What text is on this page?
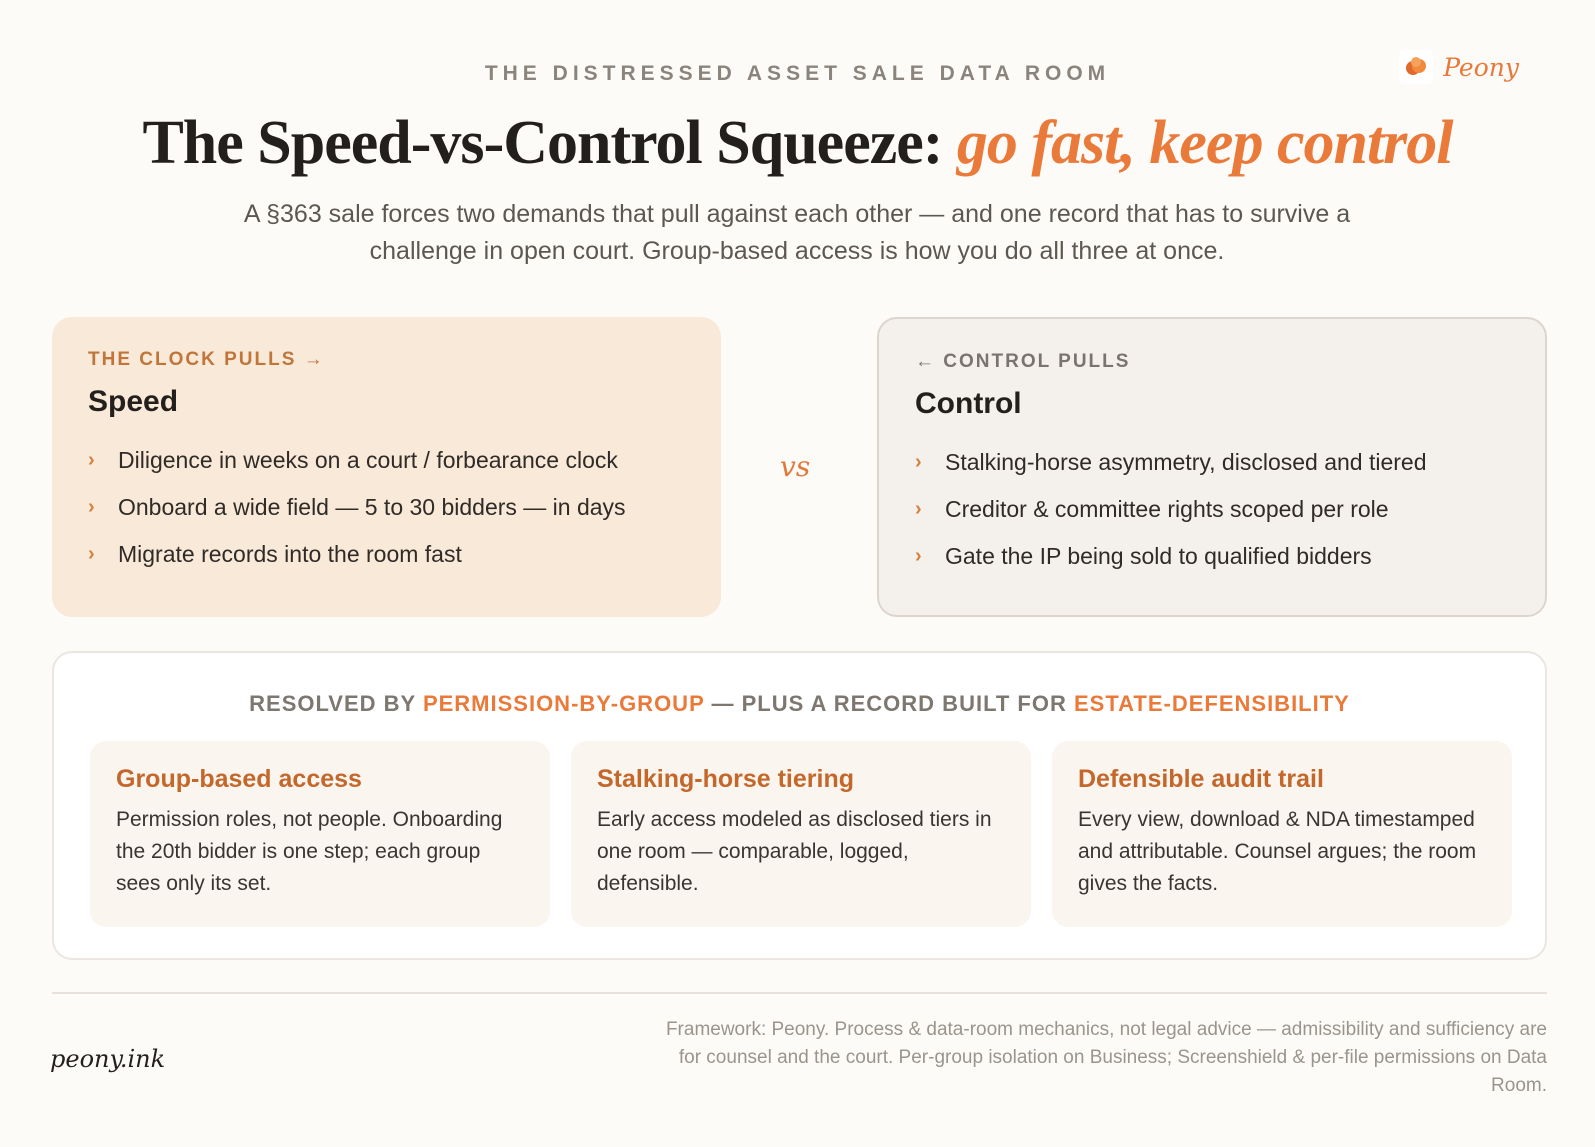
Peony
THE DISTRESSED ASSET SALE DATA ROOM
The Speed-vs-Control Squeeze: go fast, keep control

A §363 sale forces two demands that pull against each other — and one record that has to survive a challenge in open court. Group-based access is how you do all three at once.

THE CLOCK PULLS →
Speed
›	Diligence in weeks on a court / forbearance clock
›	Onboard a wide field — 5 to 30 bidders — in days
›	Migrate records into the room fast
vs
← CONTROL PULLS
Control
›	Stalking-horse asymmetry, disclosed and tiered
›	Creditor & committee rights scoped per role
›	Gate the IP being sold to qualified bidders
RESOLVED BY PERMISSION-BY-GROUP — PLUS A RECORD BUILT FOR ESTATE-DEFENSIBILITY
Group-based access
Permission roles, not people. Onboarding the 20th bidder is one step; each group sees only its set.
Stalking-horse tiering
Early access modeled as disclosed tiers in one room — comparable, logged, defensible.
Defensible audit trail
Every view, download & NDA timestamped and attributable. Counsel argues; the room gives the facts.
peony.ink

Framework: Peony. Process & data-room mechanics, not legal advice — admissibility and sufficiency are for counsel and the court. Per-group isolation on Business; Screenshield & per-file permissions on Data Room.
